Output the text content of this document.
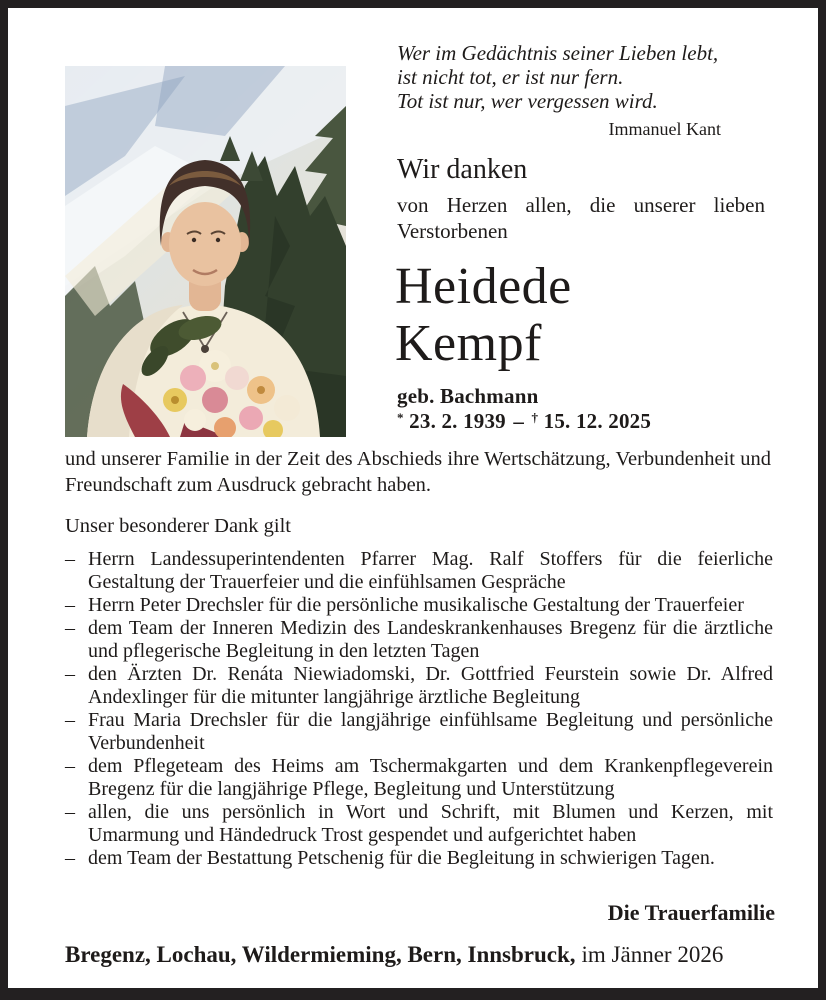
Wer im Gedächtnis seiner Lieben lebt,
ist nicht tot, er ist nur fern.
Tot ist nur, wer vergessen wird.
Immanuel Kant
Wir danken
von Herzen allen, die unserer lieben Verstorbenen
Heidede
Kempf
geb. Bachmann
* 23. 2. 1939 – † 15. 12. 2025
und unserer Familie in der Zeit des Abschieds ihre Wertschätzung, Verbundenheit und Freundschaft zum Ausdruck gebracht haben.
Unser besonderer Dank gilt
– Herrn Landessuperintendenten Pfarrer Mag. Ralf Stoffers für die feierliche Gestaltung der Trauerfeier und die einfühlsamen Gespräche
– Herrn Peter Drechsler für die persönliche musikalische Gestaltung der Trauerfeier
– dem Team der Inneren Medizin des Landeskrankenhauses Bregenz für die ärztliche und pflegerische Begleitung in den letzten Tagen
– den Ärzten Dr. Renáta Niewiadomski, Dr. Gottfried Feurstein sowie Dr. Alfred Andexlinger für die mitunter langjährige ärztliche Begleitung
– Frau Maria Drechsler für die langjährige einfühlsame Begleitung und persönliche Verbundenheit
– dem Pflegeteam des Heims am Tschermakgarten und dem Krankenpflegeverein Bregenz für die langjährige Pflege, Begleitung und Unterstützung
– allen, die uns persönlich in Wort und Schrift, mit Blumen und Kerzen, mit Umarmung und Händedruck Trost gespendet und aufgerichtet haben
– dem Team der Bestattung Petschenig für die Begleitung in schwierigen Tagen.
Die Trauerfamilie
Bregenz, Lochau, Wildermieming, Bern, Innsbruck, im Jänner 2026
